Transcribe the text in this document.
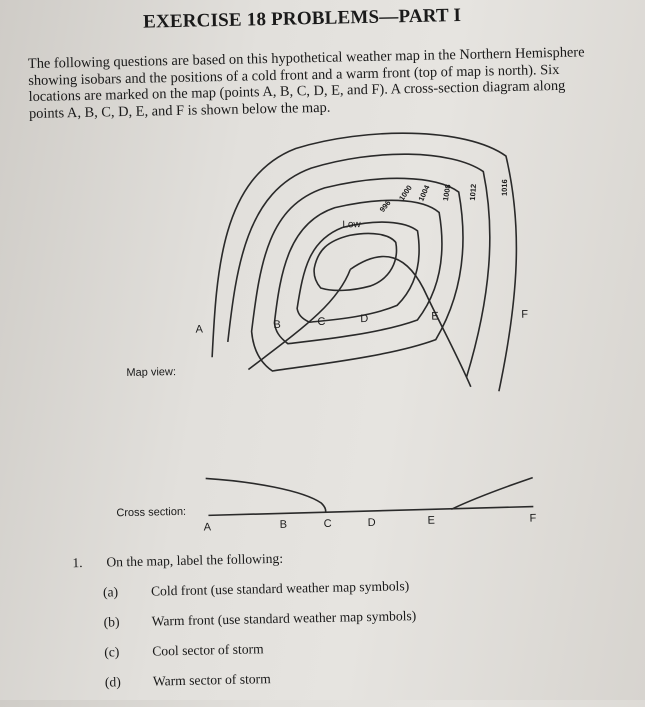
EXERCISE 18 PROBLEMS—PART I

The following questions are based on this hypothetical weather map in the Northern Hemisphere showing isobars and the positions of a cold front and a warm front (top of map is north). Six locations are marked on the map (points A, B, C, D, E, and F). A cross-section diagram along points A, B, C, D, E, and F is shown below the map.

996
1000 1004 1008 1012	1016
Low
Map view:
A	B	C	D	E	F
Cross section:
A	B	C	D	E	F
1. On the map, label the following:
(a) Cold front (use standard weather map symbols)
(b) Warm front (use standard weather map symbols)
(c) Cool sector of storm
(d) Warm sector of storm
